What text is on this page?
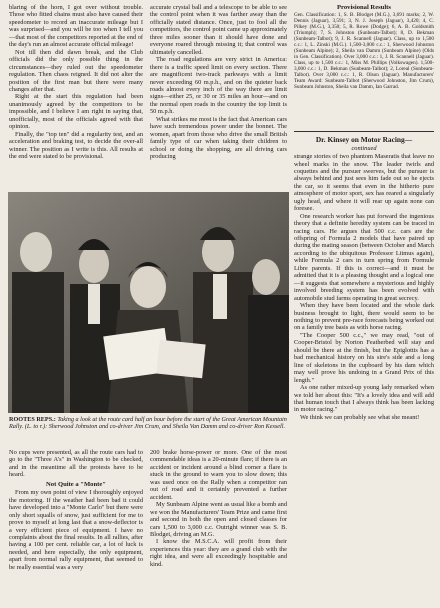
blaring of the horn, I got over without trouble. Those who fitted chains must also have caused their speedometer to record an inaccurate mileage but I was surprised—and you will be too when I tell you—that most of the competitors reported at the end of the day's run an almost accurate official mileage!

Not till then did dawn break, and the Club officials did the only possible thing in the circumstances—they ruled out the speedometer regulation. Then chaos reigned. It did not alter the position of the first man but there were many changes after that.

Right at the start this regulation had been unanimously agreed by the competitors to be impossible, and I believe I am right in saying that, unofficially, most of the officials agreed with that opinion.

Finally, the "top ten" did a regularity test, and an acceleration and braking test, to decide the over-all winner. The position as I write is this. All results at the end were stated to be provisional.

accurate crystal ball and a telescope to be able to see the control point when it was farther away than the officially stated distance. Once, just to fool all the competitors, the control point came up approximately three miles sooner than it should have done and everyone roared through missing it; that control was ultimately cancelled.

The road regulations are very strict in America: there is a traffic speed limit on every section. There are magnificent two-track parkways with a limit never exceeding 60 m.p.h., and on the quieter back roads almost every inch of the way there are limit signs—either 25, or 30 or 35 miles an hour—and on the normal open roads in the country the top limit is 50 m.p.h.

What strikes me most is the fact that American cars have such tremendous power under the bonnet. The women, apart from those who drive the small British family type of car when taking their children to school or doing the shopping, are all driving cars producing

ROOTES REPS.: Taking a look at the route card half an hour before the start of the Great American Mountain Rally. (L. to r.): Sherwood Johnston and co-driver Jim Crum, and Sheila Van Damm and co-driver Ron Kessell.

No cups were presented, as all the route cars had to go to the "Three A's" in Washington to be checked, and in the meantime all the protests have to be heard.

Not Quite a "Monte"

From my own point of view I thoroughly enjoyed the motoring. If the weather had been bad it could have developed into a "Monte Carlo" but there were only short squalls of snow, just sufficient for me to prove to myself at long last that a snow-deflector is a very efficient piece of equipment. I have no complaints about the final results. In all rallies, after having a 100 per cent. reliable car, a lot of luck is needed, and here especially, the only equipment, apart from normal rally equipment, that seemed to be really essential was a very

200 brake horse-power or more. One of the most commendable ideas is a 20-minute flare; if there is an accident or incident around a blind corner a flare is stuck in the ground to warn you to slow down; this was used once on the Rally when a competitor ran out of road and it certainly prevented a further accident.

My Sunbeam Alpine went as usual like a bomb and we won the Manufacturers' Team Prize and came first and second in both the open and closed classes for cars 1,500 to 3,000 c.c. Outright winner was S. B. Blodget, driving an M.G.

I know the M.S.C.A. will profit from their experiences this year: they are a grand club with the right idea, and were all exceedingly hospitable and kind.

Provisional Results
Gen. Classification: 1, S. B. Blodget (M.G.), 3,691 marks; 2, W. Dennis (Jaguar), 3,591; 3, N. J. Joseph (Jaguar), 3,420; 4, C. Pilkey (M.G.), 3,350; 5, R. Rowe (Dodge); 6, A. B. Goldsmith (Triumph); 7, S. Johnston (Sunbeam-Talbot); 8, D. Bekman (Sunbeam-Talbot); 9, J. R. Scannell (Jaguar). Class, up to 1,500 c.c.: 1, L. Zinski (M.G.). 1,500-3,000 c.c.: 1, Sherwood Johnston (Sunbeam Alpine); 2, Sheila van Damm (Sunbeam Alpine) (Olds in Gen. Classification). Over 3,000 c.c.: 1, J. R. Scannell (Jaguar). Class, up to 1,500 c.c.: 1, Miss M. Phillips (Volkswagen). 1,500-3,000 c.c.: 1, D. Bekman (Sunbeam-Talbot); 2, Loreal (Sunbeam-Talbot). Over 3,000 c.c.: 1, R. Olson (Jaguar). Manufacturers' Team Award: Sunbeam-Talbot (Sherwood Johnston, Jim Crum), Sunbeam Johnston, Sheila van Damm, Ian Garrad.
Dr. Kinsey on Motor Racing—
continued

strange stories of two phantom Maseratis that leave no wheel marks in the snow. The leader twirls and coquettes and the pursuer swerves, but the pursuer is always behind and just sees him fade out so he ejects the car, so it seems that even in the hitherto pure atmosphere of motor sport, sex has reared a singularly ugly head, and where it will rear up again none can foresee.

One research worker has put forward the ingenious theory that a definite heredity system can be traced in racing cars. He argues that 500 c.c. cars are the offspring of Formula 2 models that have paired up during the mating season (between October and March according to the ubiquitous Professor Litmus again), while Formula 2 cars in turn spring from Formule Libre parents. If this is correct—and it must be admitted that it is a pleasing thought and a logical one—it suggests that somewhere a mysterious and highly involved breeding system has been evolved with automobile stud farms operating in great secrecy.

When they have been located and the whole dark business brought to light, there would seem to be nothing to prevent pre-race forecasts being worked out on a family tree basis as with horse racing.

"The Cooper 500 c.c.," we may read, "out of Cooper-Bristol by Norton Featherbed will stay and should be there at the finish, but the Epiglottis has a bad mechanical history on his sire's side and a long line of skeletons in the cupboard by his dam which may well prove his undoing in a Grand Prix of this length."

As one rather mixed-up young lady remarked when we told her about this: "It's a lovely idea and will add that human touch that I always think has been lacking in motor racing."

We think we can probably see what she meant!
